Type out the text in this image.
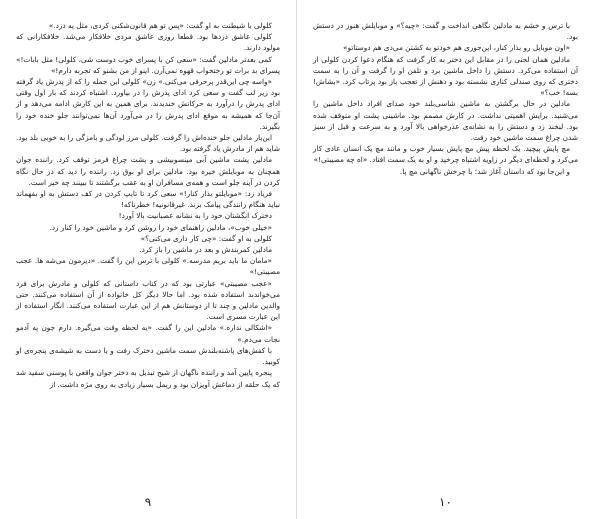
کلولی با شیطنت به او گفت: «پس تو هم قانون‌شکنی کردی، مثل یه دزد.»

کلولی عاشق دزدها بود. قطعا روزی عاشق مردی خلافکار می‌شد. خلافکارانی که مولود دارند.

کمی بعدتر مادلین گفت: «سعی کن با پسرای خوب دوست شی، کلولی! مثل بابات!» پسرای بد برات تو رختخواب قهوه نمی‌آرن. اینو از من بشنو که تجربه دارم!»

«واسه چی این‌قدر پرحرفی می‌کنی.» زن» کلولی این جمله را که از پدرش یاد گرفته بود زیر لب گفت و سعی کرد ادای پدرش را در بیاورد. اشتباه کردند که بار اول وقتی ادای پدرش را درآورد به حرکاتش خندیدند. برای همین به این کارش ادامه می‌دهد و از آن‌جا که همیشه به موقع ادای پدرش را در می‌آورد آن‌ها نمی‌توانند جلو خنده خود را بگیرند.

این‌بار مادلین جلو خنده‌اش را گرفت. کلولی مرز لودگی و بامزگی را به خوبی بلد بود. شاید هم از مادرش یاد گرفته بود.

مادلین پشت ماشین آبی مینسوبیشی و پشت چراغ قرمز توقف کرد. راننده جوان همچنان به موبایلش خیره بود. مادلین برای او بوق زد. راننده را دید که در حال نگاه کردن در آینه جلو است و همه‌ی مسافران او به عقب برگشتند تا ببینند چه خبر است.

فریاد زد: «موبایلتو بذار کنار!» سعی کرد تا تایپ کردن در کف دستش به او بفهماند نباید هنگام رانندگی پیامک بزند. غیرقانونیه! خطرناکه!

دخترک انگشتان خود را به نشانه عصبانیت بالا آورد!

«خیلی خوب»، مادلین راهنمای خود را روشن کرد و ماشین خود را کنار زد.

کلولی به او گفت: «چی کار داری می‌کنی؟»

مادلین کمربندش و بعد در ماشین را باز کرد.

«مامان ما باید بریم مدرسه.» کلولی با ترس این را گفت. «دیرمون می‌شه ها. عجب مصیبتی!»

«عجب مصیبتی» عبارتی بود که در کتاب داستانی که کلولی و مادرش برای فرد می‌خواندند استفاده شده بود. اما حالا دیگر کل خانواده از آن استفاده می‌کنند. حتی والدین مادلین و چند تا از دوستانش هم از این عبارت استفاده می‌کنند. انگار استفاده از این عبارت مسری است.

«اشکالی نداره.» مادلین این را گفت. «یه لحظه وقت می‌گیره. دارم جون یه آدمو نجات می‌دم.»

با کفش‌های پاشنه‌بلندش سمت ماشین دخترک رفت و با دست به شیشه‌ی پنجره‌ی او کوبید.

پنجره پایین آمد و راننده ناگهان از شیح تبدیل به دختر جوان واقعی با پوستی سفید شد که یک حلقه از دماغش آویزان بود و ریمل بسیار زیادی به روی مژه داشت. از

۹

با ترس و خشم به مادلین نگاهی انداخت و گفت: «چیه؟» و موبایلش هنوز در دستش بود.

«اون موبایل رو بذار کنار، این‌جوری هم خودتو به کشتن می‌دی هم دوستاتو»

مادلین همان لحنی را در مقابل این دختر به کار گرفت که هنگام دعوا کردن کلولی از آن استفاده می‌کرد. دستش را داخل ماشین برد و تلفن او را گرفت و آن را به سمت دختری که روی صندلی کناری نشسته بود و دهنش از تعجب باز بود پرتاب کرد. «بشاش! بسه! خب؟»

مادلین در حال برگشتن به ماشین شاسی‌بلند خود صدای افراد داخل ماشین را می‌شنید. برایش اهمیتی نداشت. در کارش مصمم بود. ماشینی پشت او متوقف شده بود. لبخند زد و دستش را به نشانه‌ی عذرخواهی بالا آورد و به سرعت و قبل از سبز شدن چراغ سمت ماشین خود رفت.

مچ پایش پیچید. یک لحظه پیش مچ پایش بسیار خوب و مانند مچ یک انسان عادی کار می‌کرد و لحظه‌ای دیگر در زاویه اشتباه چرخید و او به یک سمت افتاد. «اه چه مصیبتی!»

و این‌جا بود که داستان آغاز شد؛ با چرخش ناگهانی مچ پا.

۱۰
